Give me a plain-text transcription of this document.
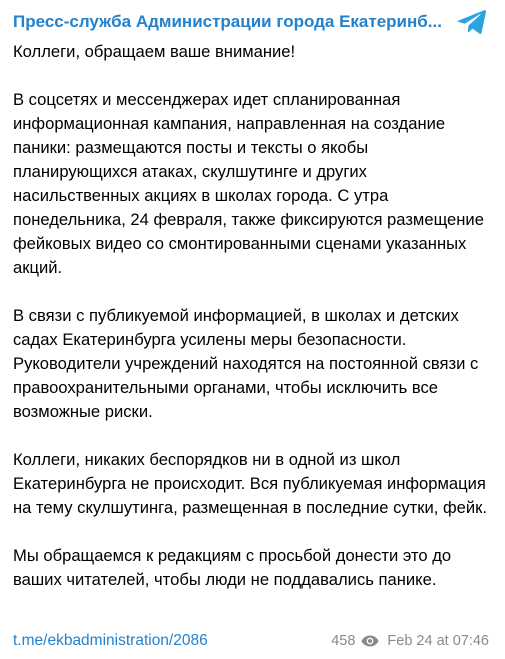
Пресс-служба Администрации города Екатеринб...

Коллеги, обращаем ваше внимание!

В соцсетях и мессенджерах идет спланированная информационная кампания, направленная на создание паники: размещаются посты и тексты о якобы планирующихся атаках, скулшутинге и других насильственных акциях в школах города. С утра понедельника, 24 февраля, также фиксируются размещение фейковых видео со смонтированными сценами указанных акций.

В связи с публикуемой информацией, в школах и детских садах Екатеринбурга усилены меры безопасности. Руководители учреждений находятся на постоянной связи с правоохранительными органами, чтобы исключить все возможные риски.

Коллеги, никаких беспорядков ни в одной из школ Екатеринбурга не происходит. Вся публикуемая информация на тему скулшутинга, размещенная в последние сутки, фейк.

Мы обращаемся к редакциям с просьбой донести это до ваших читателей, чтобы люди не поддавались панике.

t.me/ekbadministration/2086	458 Feb 24 at 07:46
